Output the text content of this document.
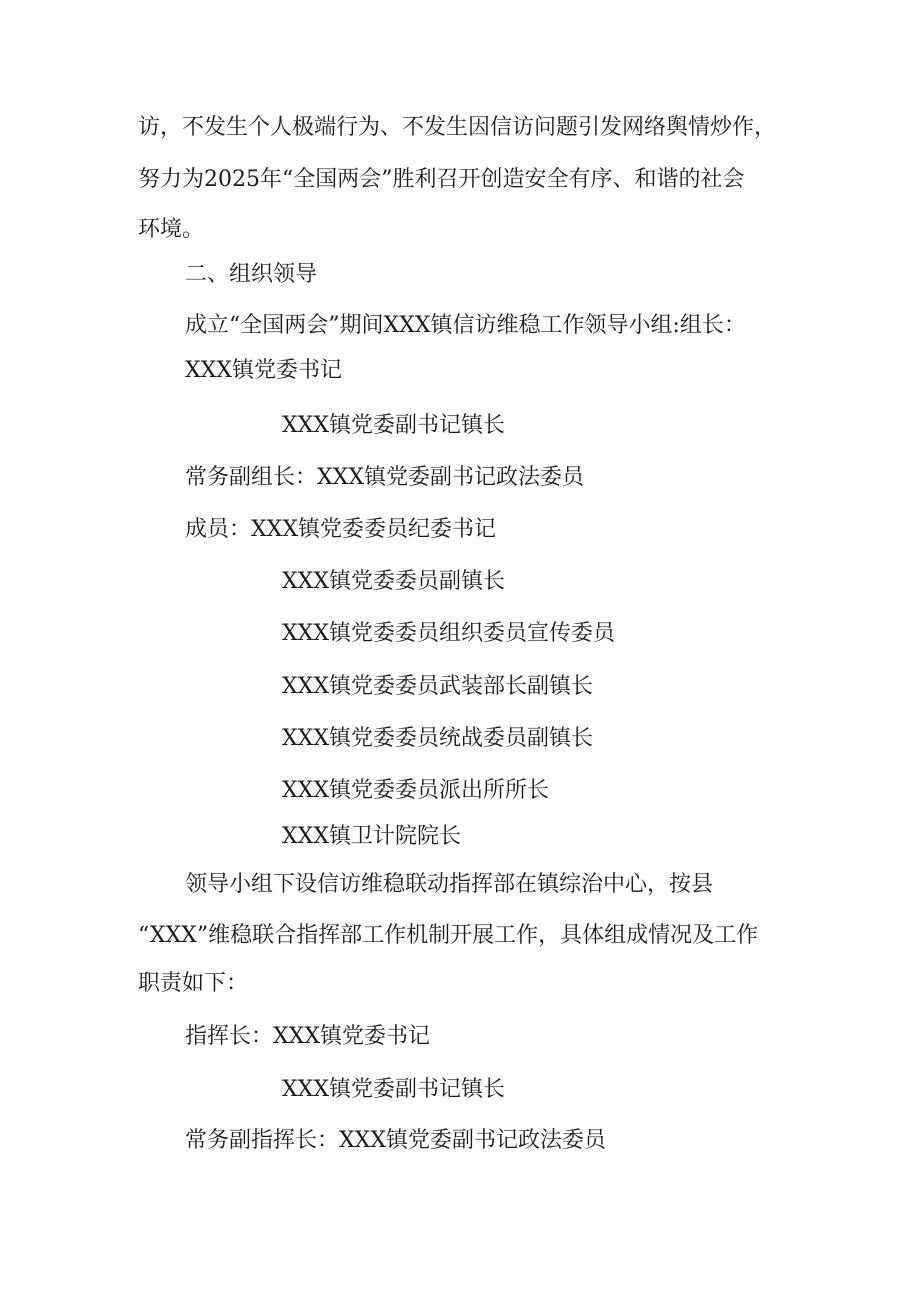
访，不发生个人极端行为、不发生因信访问题引发网络舆情炒作，
努力为2025年“全国两会”胜利召开创造安全有序、和谐的社会
环境。
二、组织领导
成立“全国两会”期间XXX镇信访维稳工作领导小组:组长：
XXX镇党委书记
XXX镇党委副书记镇长
常务副组长：XXX镇党委副书记政法委员
成员：XXX镇党委委员纪委书记
XXX镇党委委员副镇长
XXX镇党委委员组织委员宣传委员
XXX镇党委委员武装部长副镇长
XXX镇党委委员统战委员副镇长
XXX镇党委委员派出所所长
XXX镇卫计院院长
领导小组下设信访维稳联动指挥部在镇综治中心，按县
“XXX”维稳联合指挥部工作机制开展工作，具体组成情况及工作
职责如下：
指挥长：XXX镇党委书记
XXX镇党委副书记镇长
常务副指挥长：XXX镇党委副书记政法委员
